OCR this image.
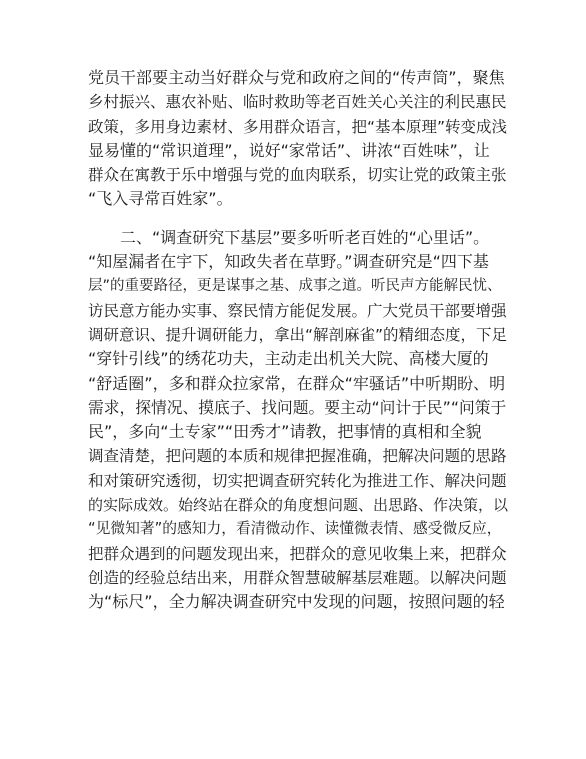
党员干部要主动当好群众与党和政府之间的“传声筒”，聚焦
乡村振兴、惠农补贴、临时救助等老百姓关心关注的利民惠民
政策，多用身边素材、多用群众语言，把“基本原理”转变成浅
显易懂的“常识道理”，说好“家常话”、讲浓“百姓味”，让
群众在寓教于乐中增强与党的血肉联系，切实让党的政策主张
“飞入寻常百姓家”。
二、“调查研究下基层”要多听听老百姓的“心里话”。
“知屋漏者在宇下，知政失者在草野。”调查研究是“四下基
层”的重要路径，更是谋事之基、成事之道。听民声方能解民忧、
访民意方能办实事、察民情方能促发展。广大党员干部要增强
调研意识、提升调研能力，拿出“解剖麻雀”的精细态度，下足
“穿针引线”的绣花功夫，主动走出机关大院、高楼大厦的
“舒适圈”，多和群众拉家常，在群众“牢骚话”中听期盼、明
需求，探情况、摸底子、找问题。要主动“问计于民”“问策于
民”，多向“土专家”“田秀才”请教，把事情的真相和全貌
调查清楚，把问题的本质和规律把握准确，把解决问题的思路
和对策研究透彻，切实把调查研究转化为推进工作、解决问题
的实际成效。始终站在群众的角度想问题、出思路、作决策，以
“见微知著”的感知力，看清微动作、读懂微表情、感受微反应，
把群众遇到的问题发现出来，把群众的意见收集上来，把群众
创造的经验总结出来，用群众智慧破解基层难题。以解决问题
为“标尺”，全力解决调查研究中发现的问题，按照问题的轻
